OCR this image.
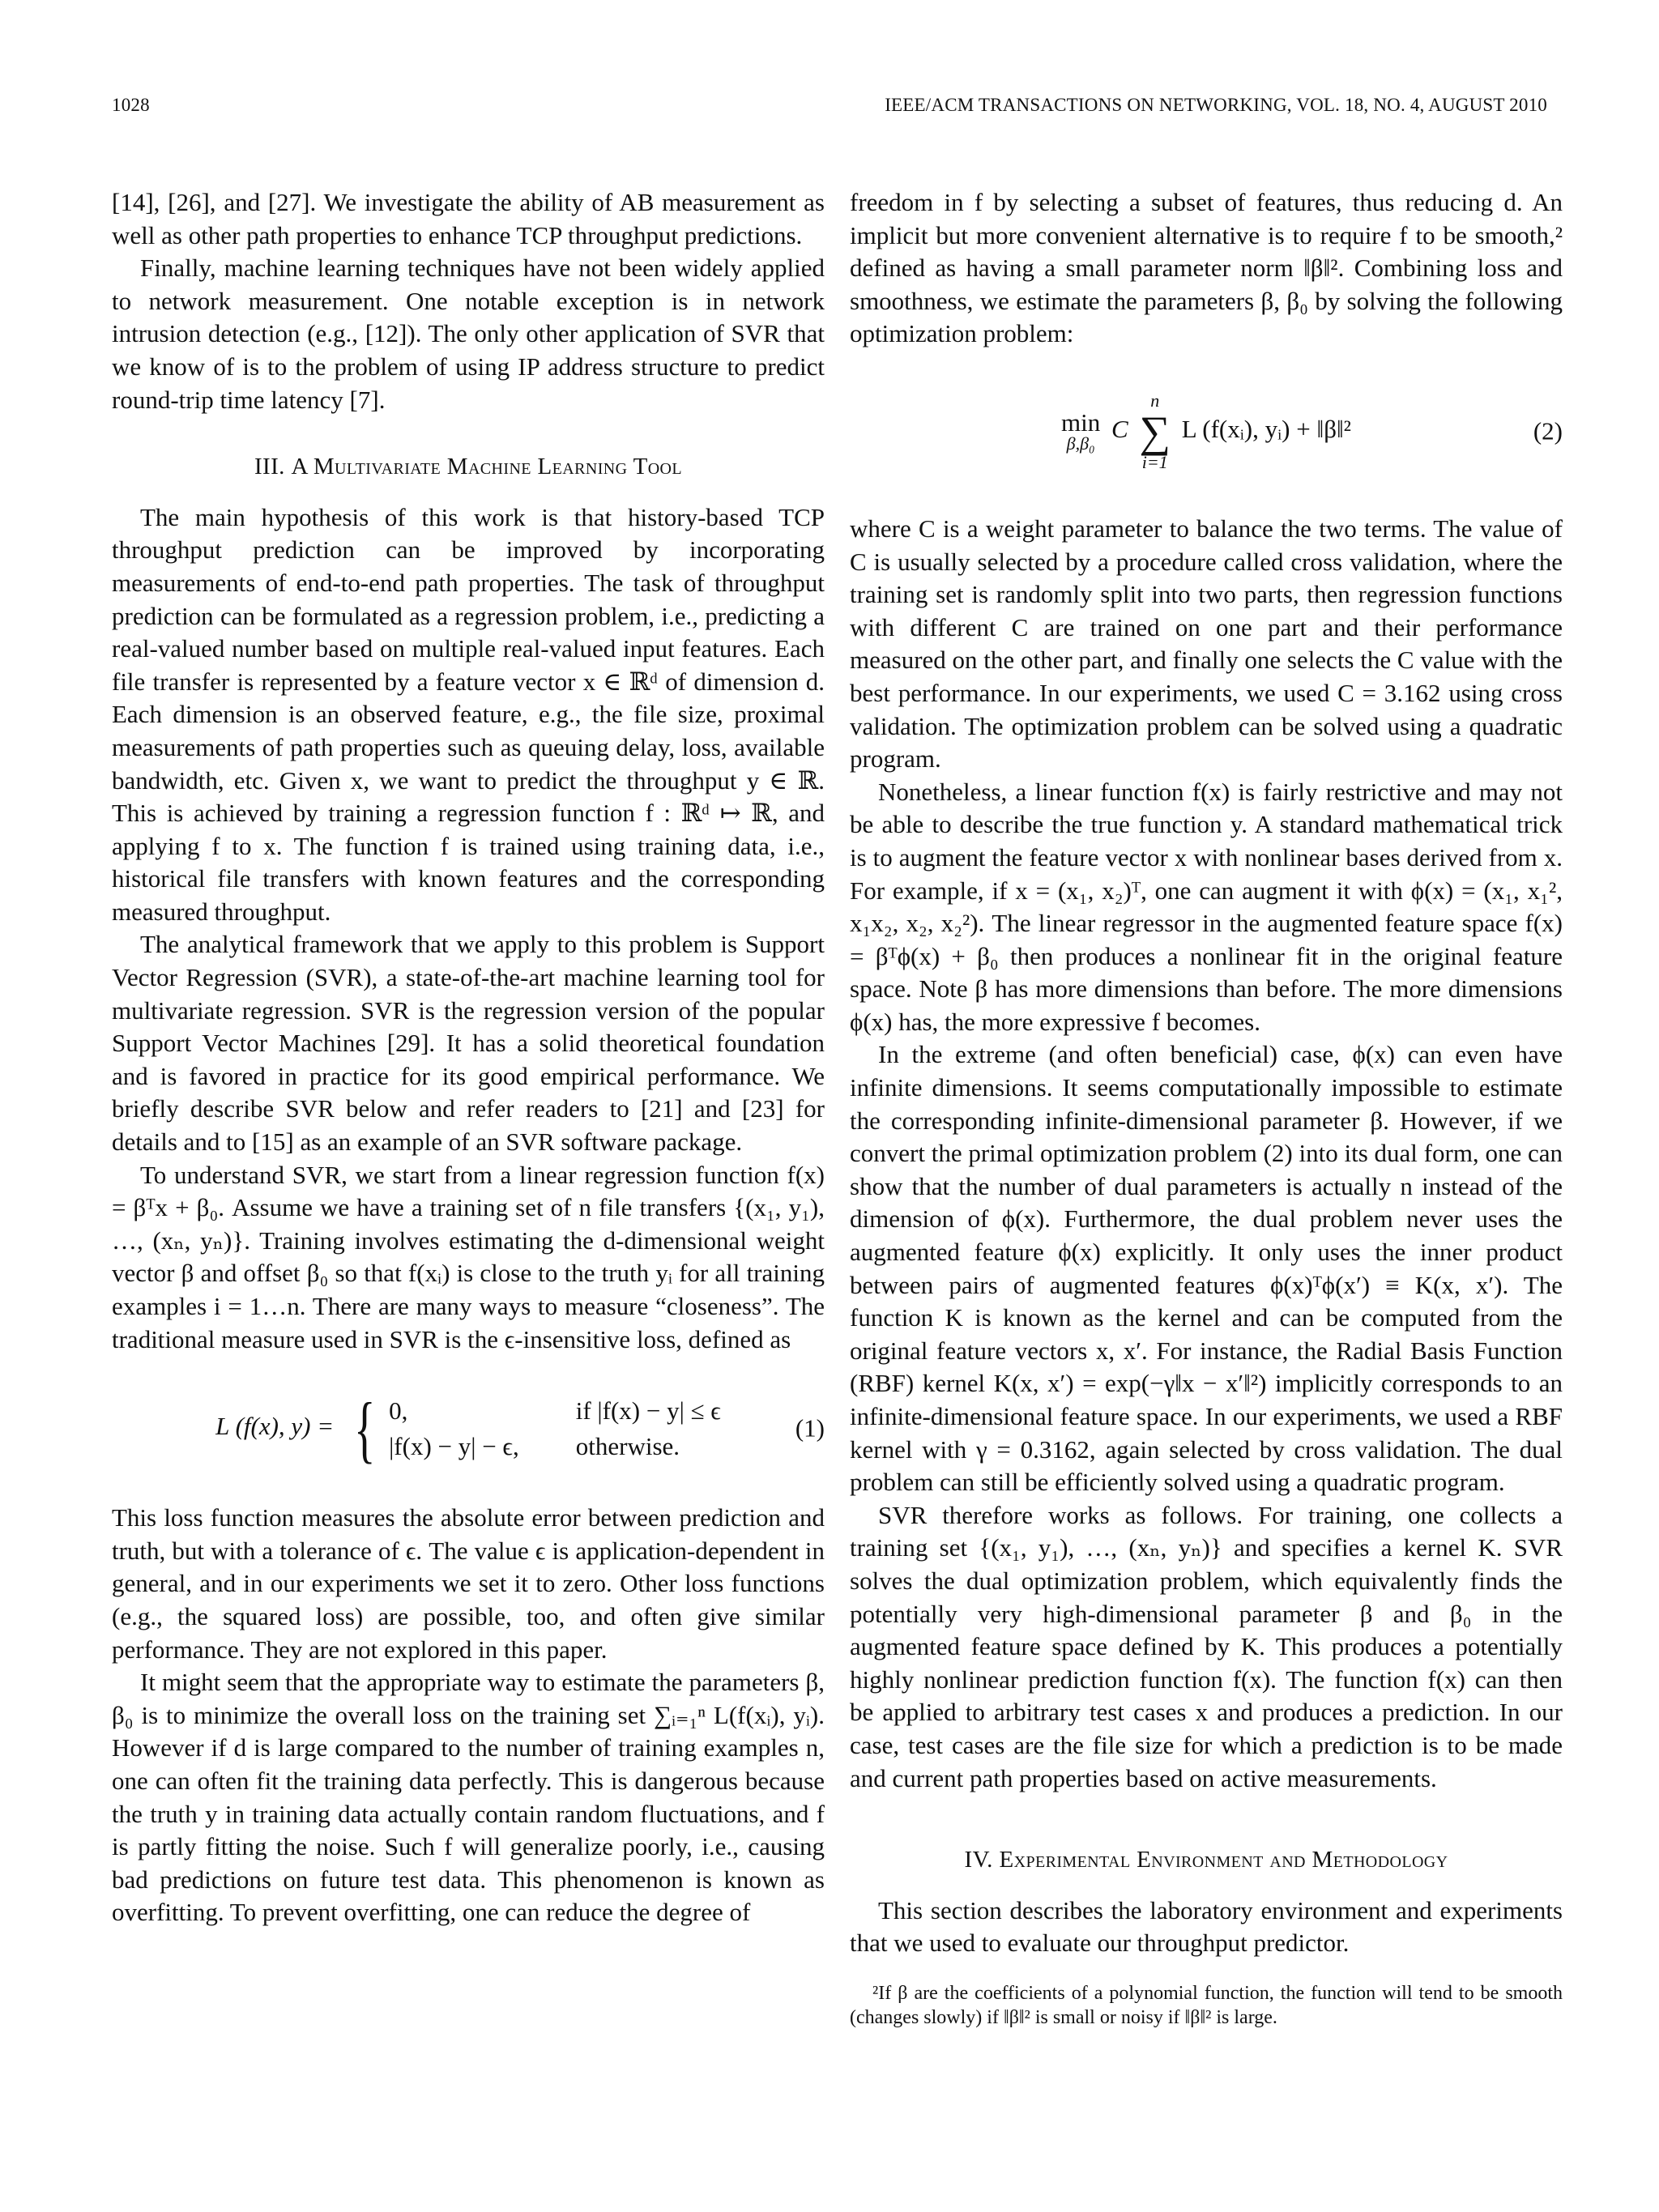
1028	IEEE/ACM TRANSACTIONS ON NETWORKING, VOL. 18, NO. 4, AUGUST 2010

[14], [26], and [27]. We investigate the ability of AB measurement as well as other path properties to enhance TCP throughput predictions.

Finally, machine learning techniques have not been widely applied to network measurement. One notable exception is in network intrusion detection (e.g., [12]). The only other application of SVR that we know of is to the problem of using IP address structure to predict round-trip time latency [7].

III. A Multivariate Machine Learning Tool

The main hypothesis of this work is that history-based TCP throughput prediction can be improved by incorporating measurements of end-to-end path properties. The task of throughput prediction can be formulated as a regression problem, i.e., predicting a real-valued number based on multiple real-valued input features. Each file transfer is represented by a feature vector x ∈ ℝᵈ of dimension d. Each dimension is an observed feature, e.g., the file size, proximal measurements of path properties such as queuing delay, loss, available bandwidth, etc. Given x, we want to predict the throughput y ∈ ℝ. This is achieved by training a regression function f : ℝᵈ ↦ ℝ, and applying f to x. The function f is trained using training data, i.e., historical file transfers with known features and the corresponding measured throughput.

The analytical framework that we apply to this problem is Support Vector Regression (SVR), a state-of-the-art machine learning tool for multivariate regression. SVR is the regression version of the popular Support Vector Machines [29]. It has a solid theoretical foundation and is favored in practice for its good empirical performance. We briefly describe SVR below and refer readers to [21] and [23] for details and to [15] as an example of an SVR software package.

To understand SVR, we start from a linear regression function f(x) = βᵀx + β₀. Assume we have a training set of n file transfers {(x₁, y₁), …, (xₙ, yₙ)}. Training involves estimating the d-dimensional weight vector β and offset β₀ so that f(xᵢ) is close to the truth yᵢ for all training examples i = 1…n. There are many ways to measure “closeness”. The traditional measure used in SVR is the ϵ-insensitive loss, defined as

L (f(x), y) = { 0,	if |f(x) − y| ≤ ϵ
|f(x) − y| − ϵ, otherwise.
(1)

This loss function measures the absolute error between prediction and truth, but with a tolerance of ϵ. The value ϵ is application-dependent in general, and in our experiments we set it to zero. Other loss functions (e.g., the squared loss) are possible, too, and often give similar performance. They are not explored in this paper.

It might seem that the appropriate way to estimate the parameters β, β₀ is to minimize the overall loss on the training set ∑ᵢ₌₁ⁿ L(f(xᵢ), yᵢ). However if d is large compared to the number of training examples n, one can often fit the training data perfectly. This is dangerous because the truth y in training data actually contain random fluctuations, and f is partly fitting the noise. Such f will generalize poorly, i.e., causing bad predictions on future test data. This phenomenon is known as overfitting. To prevent overfitting, one can reduce the degree of

freedom in f by selecting a subset of features, thus reducing d. An implicit but more convenient alternative is to require f to be smooth,² defined as having a small parameter norm ‖β‖². Combining loss and smoothness, we estimate the parameters β, β₀ by solving the following optimization problem:

min
β,β₀
C
n
∑
i=1
L (f(xᵢ), yᵢ) + ‖β‖²	(2)

where C is a weight parameter to balance the two terms. The value of C is usually selected by a procedure called cross validation, where the training set is randomly split into two parts, then regression functions with different C are trained on one part and their performance measured on the other part, and finally one selects the C value with the best performance. In our experiments, we used C = 3.162 using cross validation. The optimization problem can be solved using a quadratic program.

Nonetheless, a linear function f(x) is fairly restrictive and may not be able to describe the true function y. A standard mathematical trick is to augment the feature vector x with nonlinear bases derived from x. For example, if x = (x₁, x₂)ᵀ, one can augment it with ϕ(x) = (x₁, x₁², x₁x₂, x₂, x₂²). The linear regressor in the augmented feature space f(x) = βᵀϕ(x) + β₀ then produces a nonlinear fit in the original feature space. Note β has more dimensions than before. The more dimensions ϕ(x) has, the more expressive f becomes.

In the extreme (and often beneficial) case, ϕ(x) can even have infinite dimensions. It seems computationally impossible to estimate the corresponding infinite-dimensional parameter β. However, if we convert the primal optimization problem (2) into its dual form, one can show that the number of dual parameters is actually n instead of the dimension of ϕ(x). Furthermore, the dual problem never uses the augmented feature ϕ(x) explicitly. It only uses the inner product between pairs of augmented features ϕ(x)ᵀϕ(x′) ≡ K(x, x′). The function K is known as the kernel and can be computed from the original feature vectors x, x′. For instance, the Radial Basis Function (RBF) kernel K(x, x′) = exp(−γ‖x − x′‖²) implicitly corresponds to an infinite-dimensional feature space. In our experiments, we used a RBF kernel with γ = 0.3162, again selected by cross validation. The dual problem can still be efficiently solved using a quadratic program.

SVR therefore works as follows. For training, one collects a training set {(x₁, y₁), …, (xₙ, yₙ)} and specifies a kernel K. SVR solves the dual optimization problem, which equivalently finds the potentially very high-dimensional parameter β and β₀ in the augmented feature space defined by K. This produces a potentially highly nonlinear prediction function f(x). The function f(x) can then be applied to arbitrary test cases x and produces a prediction. In our case, test cases are the file size for which a prediction is to be made and current path properties based on active measurements.

IV. Experimental Environment and Methodology

This section describes the laboratory environment and experiments that we used to evaluate our throughput predictor.

²If β are the coefficients of a polynomial function, the function will tend to be smooth (changes slowly) if ‖β‖² is small or noisy if ‖β‖² is large.
